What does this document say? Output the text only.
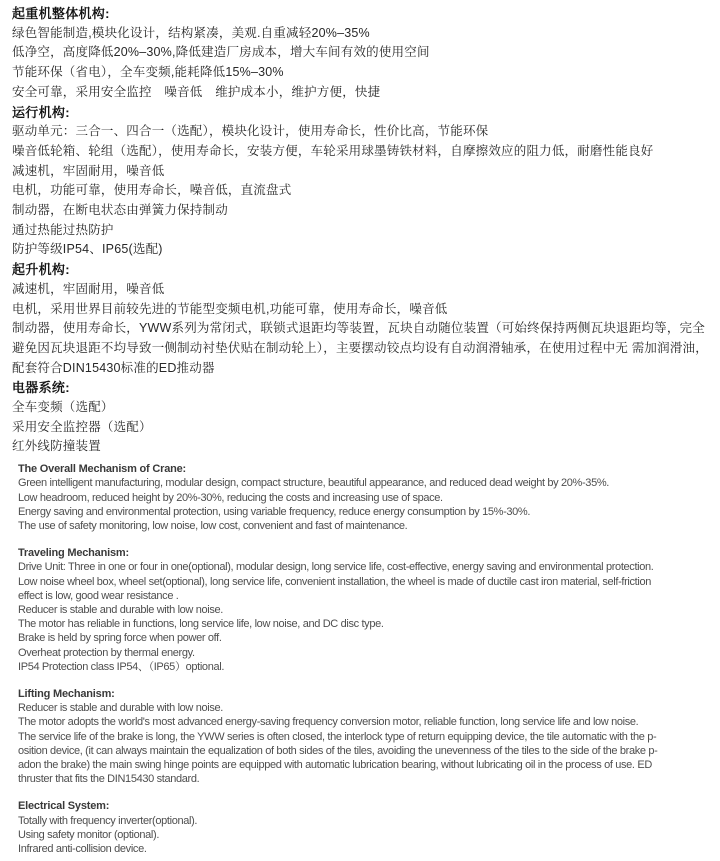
起重机整体机构:
绿色智能制造,模块化设计，结构紧凑，美观.自重减轻20%–35%
低净空，高度降低20%–30%,降低建造厂房成本，增大车间有效的使用空间
节能环保（省电），全车变频,能耗降低15%–30%
安全可靠，采用安全监控　噪音低　维护成本小，维护方便，快捷
运行机构:
驱动单元：三合一、四合一（选配），模块化设计，使用寿命长，性价比高，节能环保
噪音低轮箱、轮组（选配），使用寿命长，安装方便，车轮采用球墨铸铁材料，自摩擦效应的阻力低，耐磨性能良好
减速机，牢固耐用，噪音低
电机，功能可靠，使用寿命长，噪音低，直流盘式
制动器，在断电状态由弹簧力保持制动
通过热能过热防护
防护等级IP54、IP65(选配)
起升机构:
减速机，牢固耐用，噪音低
电机，采用世界目前较先进的节能型变频电机,功能可靠，使用寿命长，噪音低
制动器，使用寿命长，YWW系列为常闭式，联锁式退距均等装置，瓦块自动随位装置（可始终保持两侧瓦块退距均等，完全
避免因瓦块退距不均导致一侧制动衬垫伏贴在制动轮上），主要摆动铰点均设有自动润滑轴承，在使用过程中无 需加润滑油，
配套符合DIN15430标准的ED推动器
电器系统:
全车变频（选配）
采用安全监控器（选配）
红外线防撞装置
The Overall Mechanism of Crane:
Green intelligent manufacturing, modular design, compact structure, beautiful appearance, and reduced dead weight by 20%-35%.
Low headroom, reduced height by 20%-30%, reducing the costs and increasing use of space.
Energy saving and environmental protection, using variable frequency, reduce energy consumption by 15%-30%.
The use of safety monitoring, low noise, low cost, convenient and fast of maintenance.
Traveling Mechanism:
Drive Unit: Three in one or four in one(optional), modular design, long service life, cost-effective, energy saving and environmental protection.
Low noise wheel box, wheel set(optional), long service life, convenient installation, the wheel is made of ductile cast iron material, self-friction
effect is low, good wear resistance .
Reducer is stable and durable with low noise.
The motor has reliable in functions, long service life, low noise, and DC disc type.
Brake is held by spring force when power off.
Overheat protection by thermal energy.
IP54 Protection class IP54、（IP65）optional.
Lifting Mechanism:
Reducer is stable and durable with low noise.
The motor adopts the world's most advanced energy-saving frequency conversion motor, reliable function, long service life and low noise.
The service life of the brake is long, the YWW series is often closed, the interlock type of return equipping device, the tile automatic with the p-
osition device, (it can always maintain the equalization of both sides of the tiles, avoiding the unevenness of the tiles to the side of the brake p-
adon the brake) the main swing hinge points are equipped with automatic lubrication bearing, without lubricating oil in the process of use. ED
thruster that fits the DIN15430 standard.
Electrical System:
Totally with frequency inverter(optional).
Using safety monitor (optional).
Infrared anti-collision device.
